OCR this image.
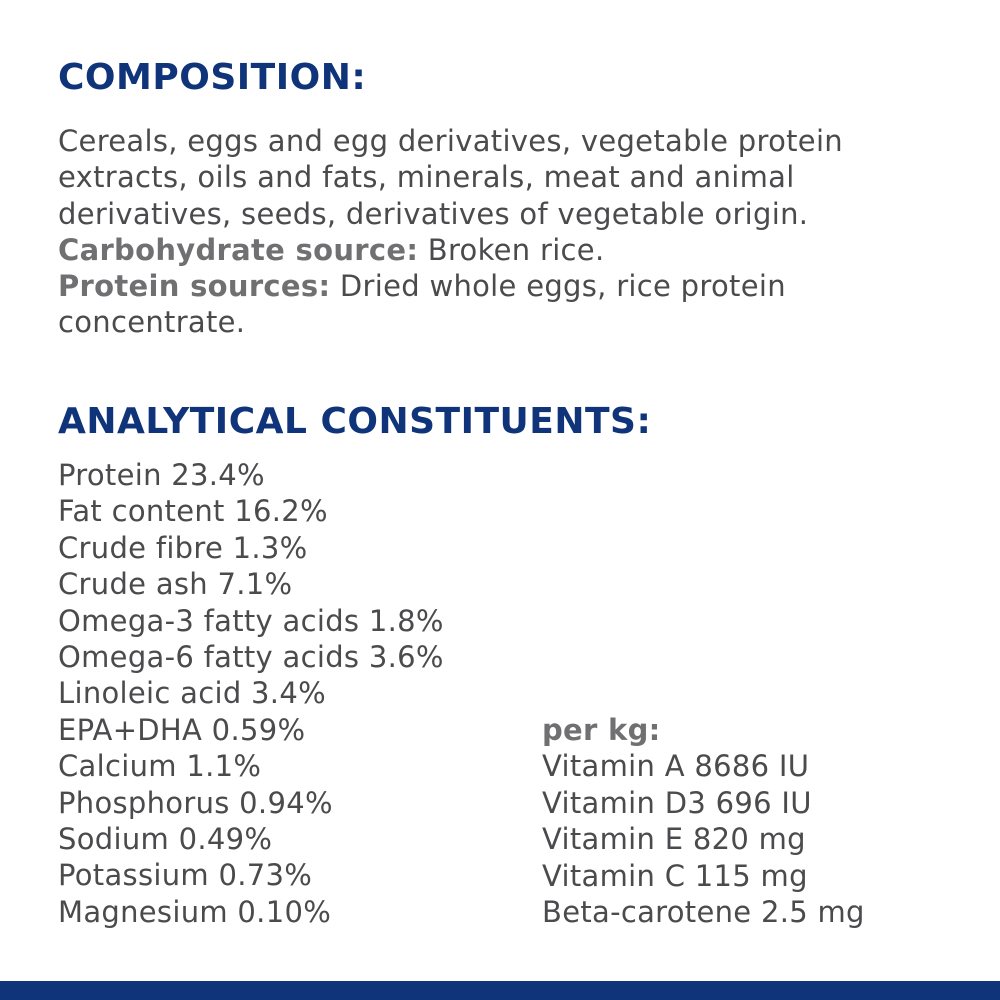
COMPOSITION:

Cereals, eggs and egg derivatives, vegetable protein extracts, oils and fats, minerals, meat and animal derivatives, seeds, derivatives of vegetable origin.

Carbohydrate source: Broken rice.

Protein sources: Dried whole eggs, rice protein concentrate.

ANALYTICAL CONSTITUENTS:
Protein 23.4%
Fat content 16.2%
Crude fibre 1.3%
Crude ash 7.1%
Omega-3 fatty acids 1.8%
Omega-6 fatty acids 3.6%
Linoleic acid 3.4%
EPA+DHA 0.59%
Calcium 1.1%
Phosphorus 0.94%
Sodium 0.49%
Potassium 0.73%
Magnesium 0.10%

per kg:

Vitamin A 8686 IU
Vitamin D3 696 IU
Vitamin E 820 mg
Vitamin C 115 mg
Beta-carotene 2.5 mg
